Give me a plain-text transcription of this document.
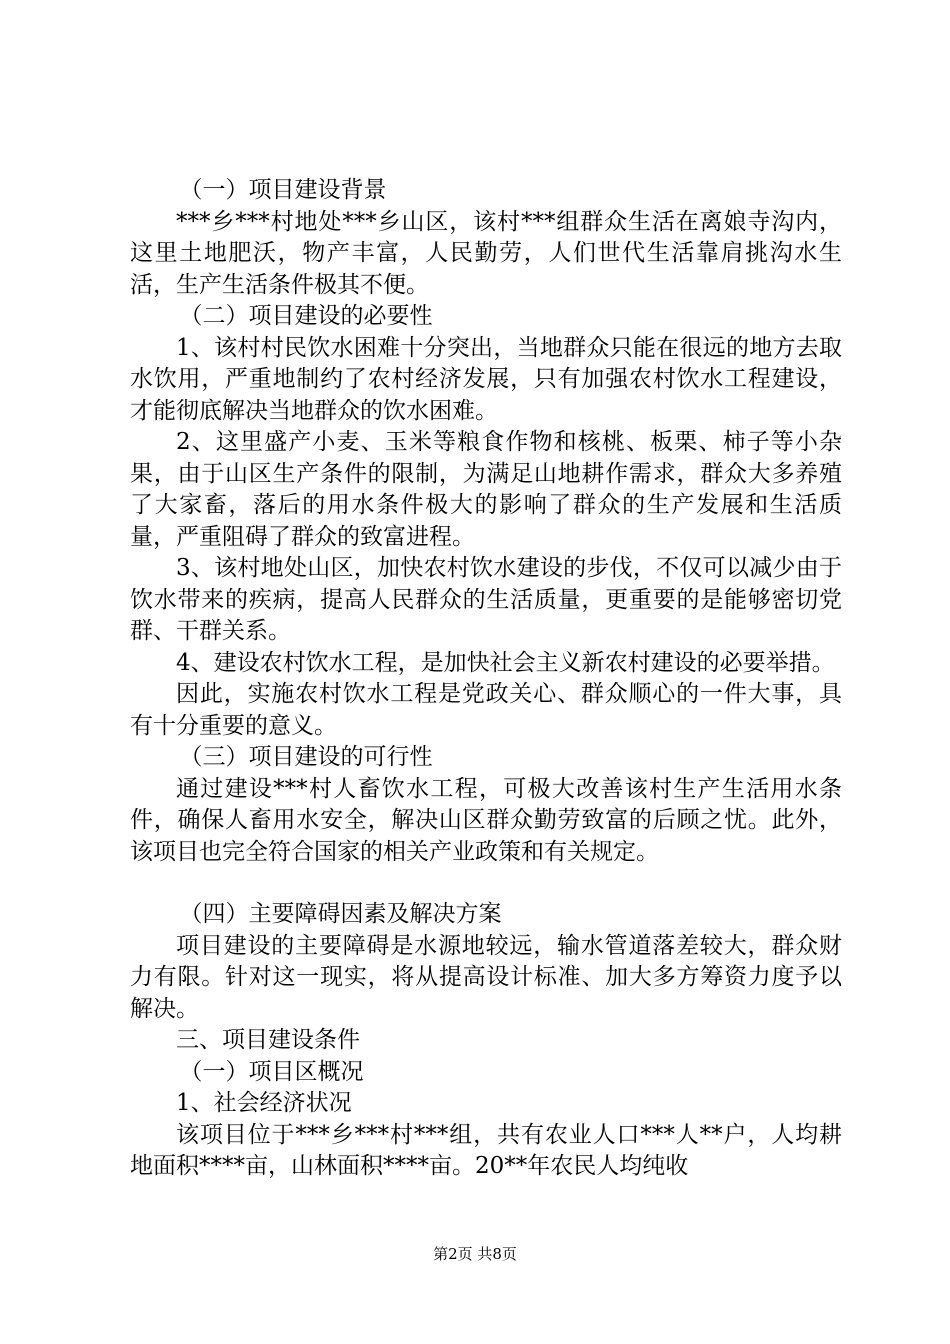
（一）项目建设背景

***乡***村地处***乡山区，该村***组群众生活在离娘寺沟内，这里土地肥沃，物产丰富，人民勤劳，人们世代生活靠肩挑沟水生活，生产生活条件极其不便。

（二）项目建设的必要性

1、该村村民饮水困难十分突出，当地群众只能在很远的地方去取水饮用，严重地制约了农村经济发展，只有加强农村饮水工程建设，才能彻底解决当地群众的饮水困难。

2、这里盛产小麦、玉米等粮食作物和核桃、板栗、柿子等小杂果，由于山区生产条件的限制，为满足山地耕作需求，群众大多养殖了大家畜，落后的用水条件极大的影响了群众的生产发展和生活质量，严重阻碍了群众的致富进程。

3、该村地处山区，加快农村饮水建设的步伐，不仅可以减少由于饮水带来的疾病，提高人民群众的生活质量，更重要的是能够密切党群、干群关系。

4、建设农村饮水工程，是加快社会主义新农村建设的必要举措。

因此，实施农村饮水工程是党政关心、群众顺心的一件大事，具有十分重要的意义。

（三）项目建设的可行性

通过建设***村人畜饮水工程，可极大改善该村生产生活用水条件，确保人畜用水安全，解决山区群众勤劳致富的后顾之忧。此外，该项目也完全符合国家的相关产业政策和有关规定。

（四）主要障碍因素及解决方案

项目建设的主要障碍是水源地较远，输水管道落差较大，群众财力有限。针对这一现实，将从提高设计标准、加大多方筹资力度予以解决。

三、项目建设条件

（一）项目区概况

1、社会经济状况

该项目位于***乡***村***组，共有农业人口***人**户，人均耕地面积****亩，山林面积****亩。20**年农民人均纯收

第2页 共8页
